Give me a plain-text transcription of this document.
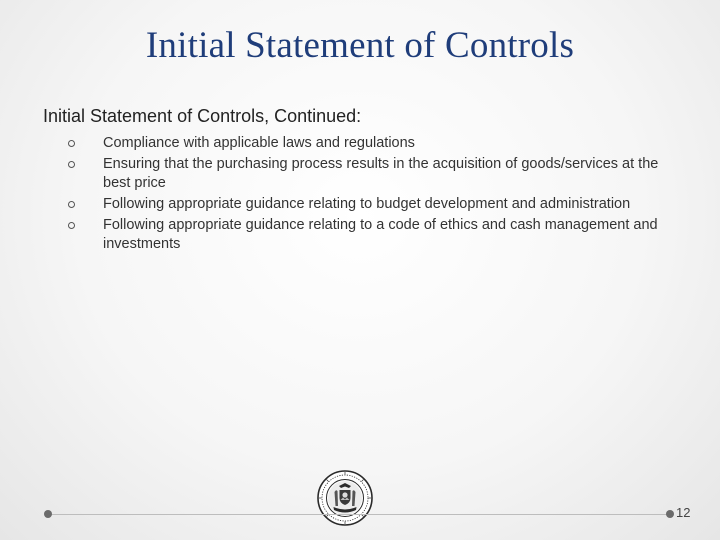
Initial Statement of Controls
Initial Statement of Controls, Continued:
Compliance with applicable laws and regulations
Ensuring that the purchasing process results in the acquisition of goods/services at the best price
Following appropriate guidance relating to budget development and administration
Following appropriate guidance relating to a code of ethics and cash management and investments
12
